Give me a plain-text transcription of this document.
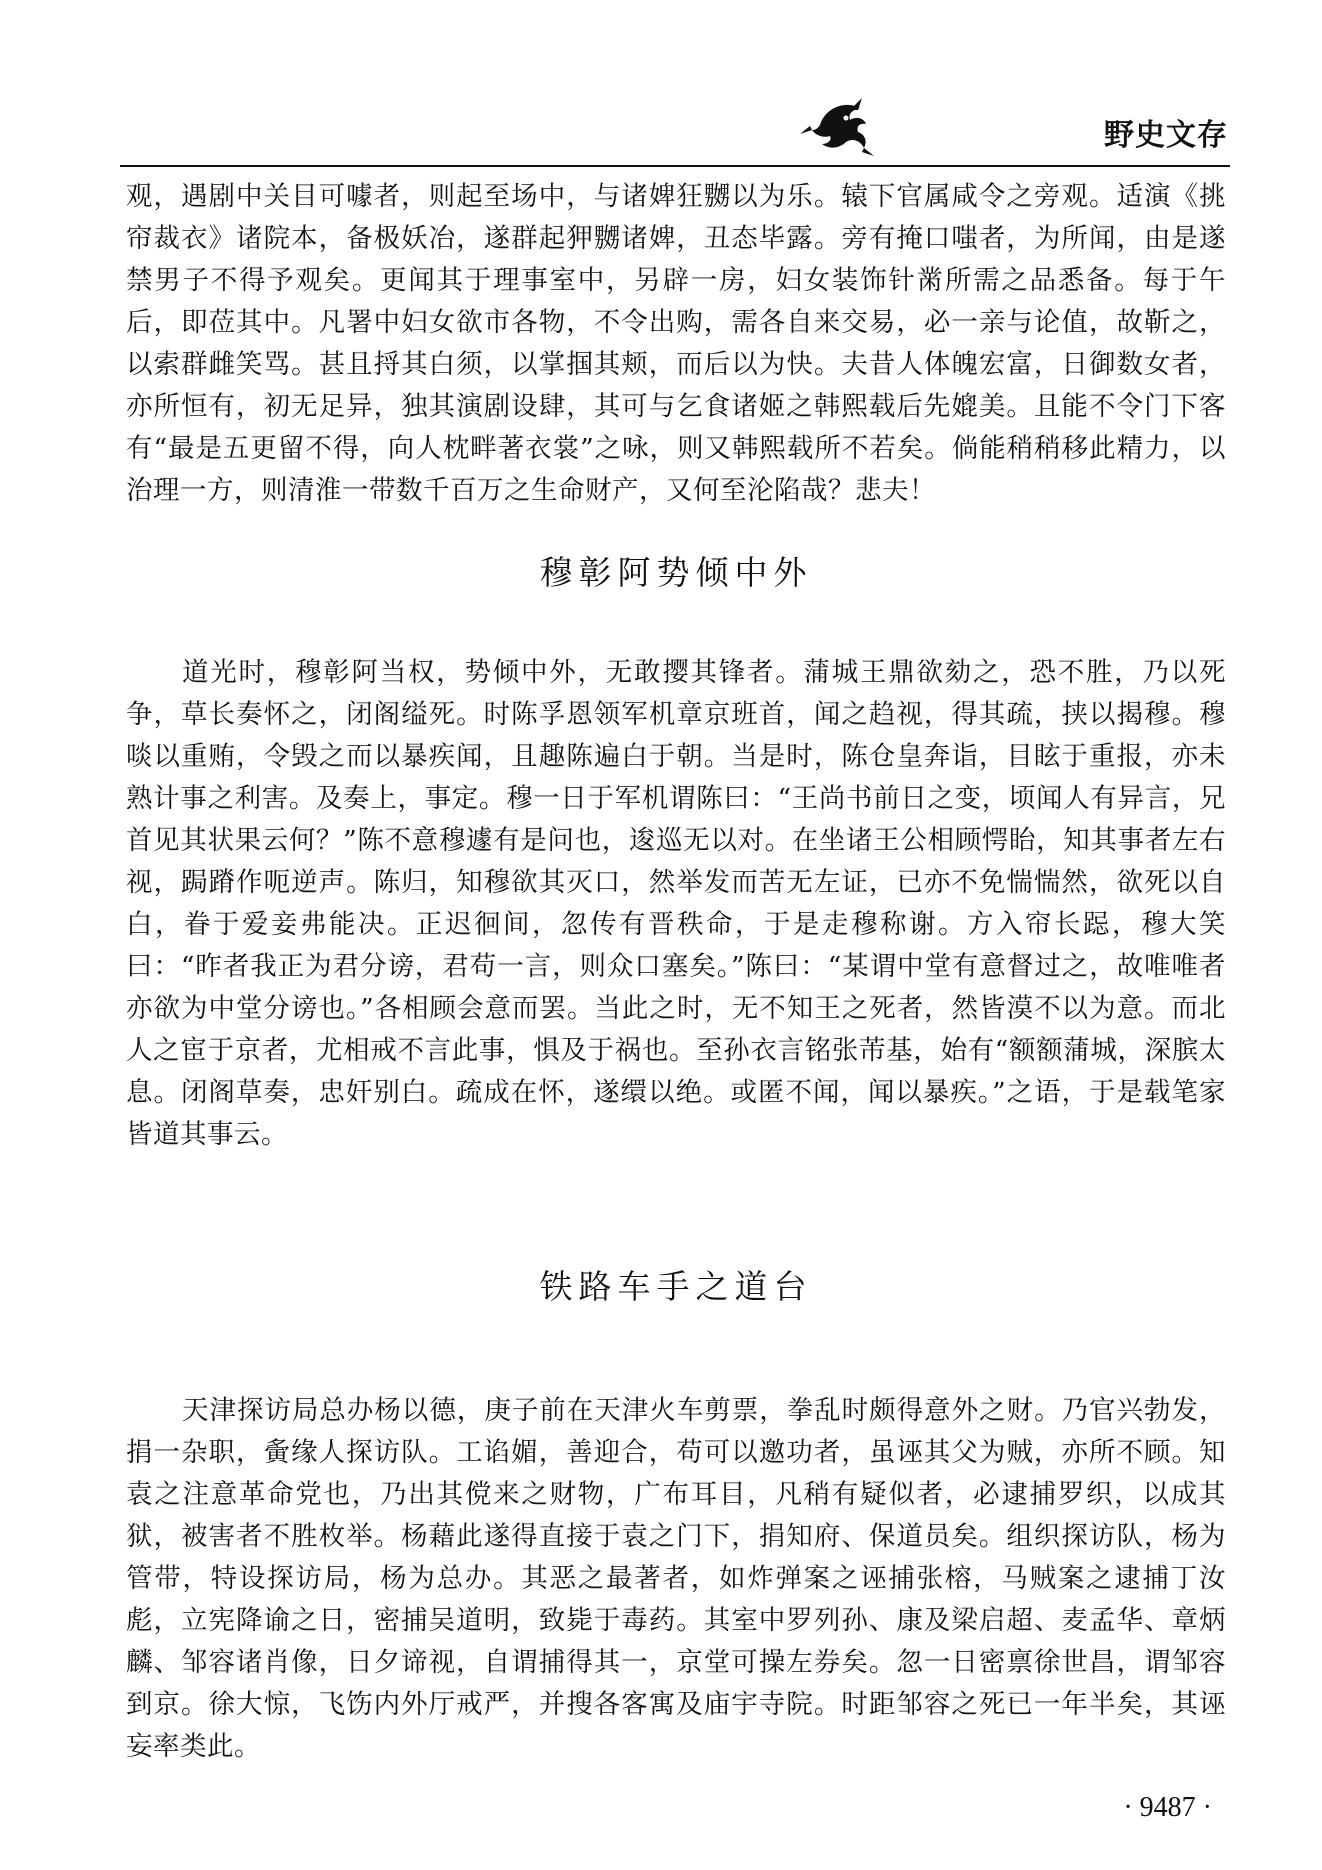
野史文存

观，遇剧中关目可噱者，则起至场中，与诸婢狂嬲以为乐。辕下官属咸令之旁观。适演《挑帘裁衣》诸院本，备极妖冶，遂群起狎嬲诸婢，丑态毕露。旁有掩口嗤者，为所闻，由是遂禁男子不得予观矣。更闻其于理事室中，另辟一房，妇女装饰针黹所需之品悉备。每于午后，即莅其中。凡署中妇女欲市各物，不令出购，需各自来交易，必一亲与论值，故靳之，以索群雌笑骂。甚且捋其白须，以掌掴其颊，而后以为快。夫昔人体魄宏富，日御数女者，亦所恒有，初无足异，独其演剧设肆，其可与乞食诸姬之韩熙载后先媲美。且能不令门下客有“最是五更留不得，向人枕畔著衣裳”之咏，则又韩熙载所不若矣。倘能稍稍移此精力，以治理一方，则清淮一带数千百万之生命财产，又何至沦陷哉？悲夫！

穆彰阿势倾中外

道光时，穆彰阿当权，势倾中外，无敢撄其锋者。蒲城王鼎欲劾之，恐不胜，乃以死争，草长奏怀之，闭阁缢死。时陈孚恩领军机章京班首，闻之趋视，得其疏，挟以揭穆。穆啖以重贿，令毁之而以暴疾闻，且趣陈遍白于朝。当是时，陈仓皇奔诣，目眩于重报，亦未熟计事之利害。及奏上，事定。穆一日于军机谓陈曰：“王尚书前日之变，顷闻人有异言，兄首见其状果云何？”陈不意穆遽有是问也，逡巡无以对。在坐诸王公相顾愕眙，知其事者左右视，跼蹐作呃逆声。陈归，知穆欲其灭口，然举发而苦无左证，已亦不免惴惴然，欲死以自白，眷于爱妾弗能决。正迟徊间，忽传有晋秩命，于是走穆称谢。方入帘长跽，穆大笑曰：“昨者我正为君分谤，君苟一言，则众口塞矣。”陈曰：“某谓中堂有意督过之，故唯唯者亦欲为中堂分谤也。”各相顾会意而罢。当此之时，无不知王之死者，然皆漠不以为意。而北人之宦于京者，尤相戒不言此事，惧及于祸也。至孙衣言铭张芾基，始有“额额蒲城，深膑太息。闭阁草奏，忠奸别白。疏成在怀，遂缳以绝。或匿不闻，闻以暴疾。”之语，于是载笔家皆道其事云。

铁路车手之道台

天津探访局总办杨以德，庚子前在天津火车剪票，拳乱时颇得意外之财。乃官兴勃发，捐一杂职，夤缘人探访队。工谄媚，善迎合，苟可以邀功者，虽诬其父为贼，亦所不顾。知袁之注意革命党也，乃出其傥来之财物，广布耳目，凡稍有疑似者，必逮捕罗织，以成其狱，被害者不胜枚举。杨藉此遂得直接于袁之门下，捐知府、保道员矣。组织探访队，杨为管带，特设探访局，杨为总办。其恶之最著者，如炸弹案之诬捕张榕，马贼案之逮捕丁汝彪，立宪降谕之日，密捕吴道明，致毙于毒药。其室中罗列孙、康及梁启超、麦孟华、章炳麟、邹容诸肖像，日夕谛视，自谓捕得其一，京堂可操左券矣。忽一日密禀徐世昌，谓邹容到京。徐大惊，飞饬内外厅戒严，并搜各客寓及庙宇寺院。时距邹容之死已一年半矣，其诬妄率类此。

· 9487 ·
